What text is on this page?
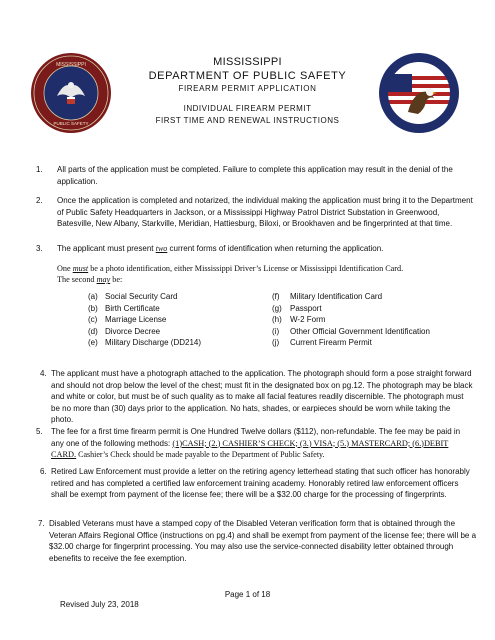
MISSISSIPPI
PUBLIC SAFETY
MISSISSIPPI
DEPARTMENT OF PUBLIC SAFETY
FIREARM PERMIT APPLICATION
INDIVIDUAL FIREARM PERMIT
FIRST TIME AND RENEWAL INSTRUCTIONS
1. All parts of the application must be completed. Failure to complete this application may result in the denial of the application.
2. Once the application is completed and notarized, the individual making the application must bring it to the Department of Public Safety Headquarters in Jackson, or a Mississippi Highway Patrol District Substation in Greenwood, Batesville, New Albany, Starkville, Meridian, Hattiesburg, Biloxi, or Brookhaven and be fingerprinted at that time.
3. The applicant must present two current forms of identification when returning the application.
One must be a photo identification, either Mississippi Driver’s License or Mississippi Identification Card.
The second may be:
(a) Social Security Card
(b) Birth Certificate
(c) Marriage License
(d) Divorce Decree
(e) Military Discharge (DD214)
(f) Military Identification Card
(g) Passport
(h) W-2 Form
(i) Other Official Government Identification
(j) Current Firearm Permit
4. The applicant must have a photograph attached to the application. The photograph should form a pose straight forward and should not drop below the level of the chest; must fit in the designated box on pg.12. The photograph may be black and white or color, but must be of such quality as to make all facial features readily discernible. The photograph must be no more than (30) days prior to the application. No hats, shades, or earpieces should be worn while taking the photo.
5. The fee for a first time firearm permit is One Hundred Twelve dollars ($112), non-refundable. The fee may be paid in any one of the following methods: (1)CASH; (2.) CASHIER’S CHECK; (3.) VISA; (5.) MASTERCARD; (6.)DEBIT CARD. Cashier’s Check should be made payable to the Department of Public Safety.
6. Retired Law Enforcement must provide a letter on the retiring agency letterhead stating that such officer has honorably retired and has completed a certified law enforcement training academy. Honorably retired law enforcement officers shall be exempt from payment of the license fee; there will be a $32.00 charge for the processing of fingerprints.
7. Disabled Veterans must have a stamped copy of the Disabled Veteran verification form that is obtained through the Veteran Affairs Regional Office (instructions on pg.4) and shall be exempt from payment of the license fee; there will be a $32.00 charge for fingerprint processing. You may also use the service-connected disability letter obtained through ebenefits to receive the fee exemption.
Page 1 of 18
Revised July 23, 2018
